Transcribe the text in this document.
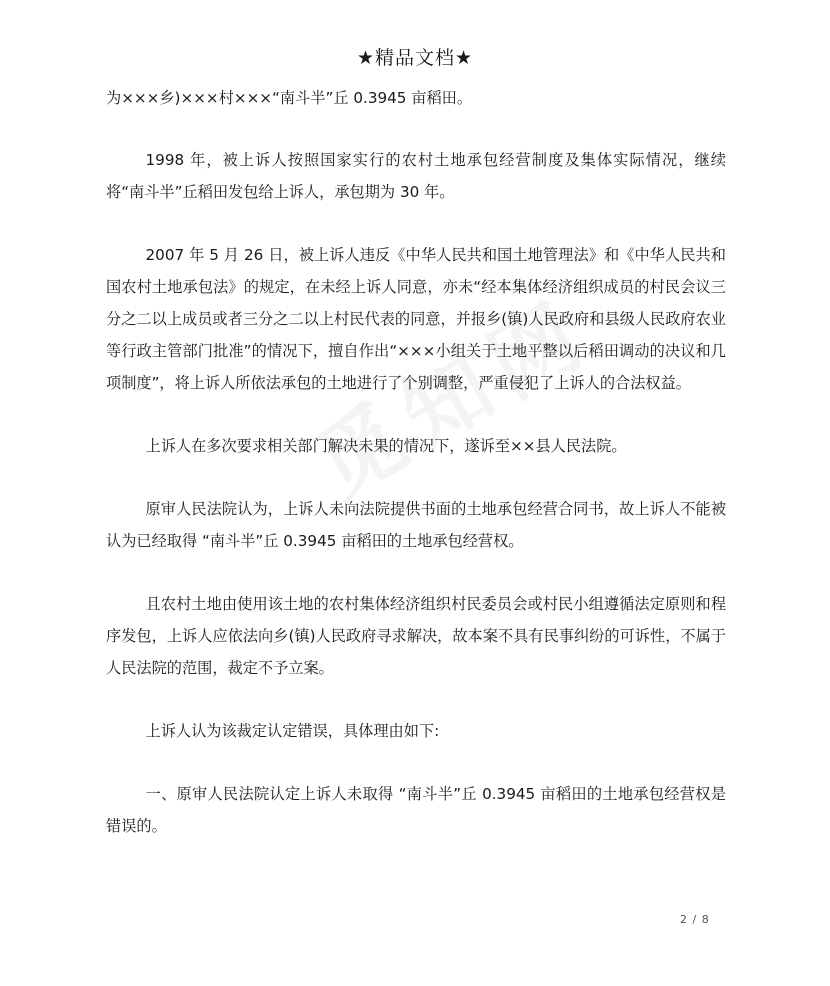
★精品文档★

为×××乡)×××村×××“南斗半”丘 0.3945 亩稻田。

1998 年，被上诉人按照国家实行的农村土地承包经营制度及集体实际情况，继续将“南斗半”丘稻田发包给上诉人，承包期为 30 年。

2007 年 5 月 26 日，被上诉人违反《中华人民共和国土地管理法》和《中华人民共和国农村土地承包法》的规定，在未经上诉人同意，亦未“经本集体经济组织成员的村民会议三分之二以上成员或者三分之二以上村民代表的同意，并报乡(镇)人民政府和县级人民政府农业等行政主管部门批准”的情况下，擅自作出“×××小组关于土地平整以后稻田调动的决议和几项制度”，将上诉人所依法承包的土地进行了个别调整，严重侵犯了上诉人的合法权益。

上诉人在多次要求相关部门解决未果的情况下，遂诉至××县人民法院。

原审人民法院认为，上诉人未向法院提供书面的土地承包经营合同书，故上诉人不能被认为已经取得 “南斗半”丘 0.3945 亩稻田的土地承包经营权。

且农村土地由使用该土地的农村集体经济组织村民委员会或村民小组遵循法定原则和程序发包，上诉人应依法向乡(镇)人民政府寻求解决，故本案不具有民事纠纷的可诉性，不属于人民法院的范围，裁定不予立案。

上诉人认为该裁定认定错误，具体理由如下:

一、原审人民法院认定上诉人未取得 “南斗半”丘 0.3945 亩稻田的土地承包经营权是错误的。

2 / 8
